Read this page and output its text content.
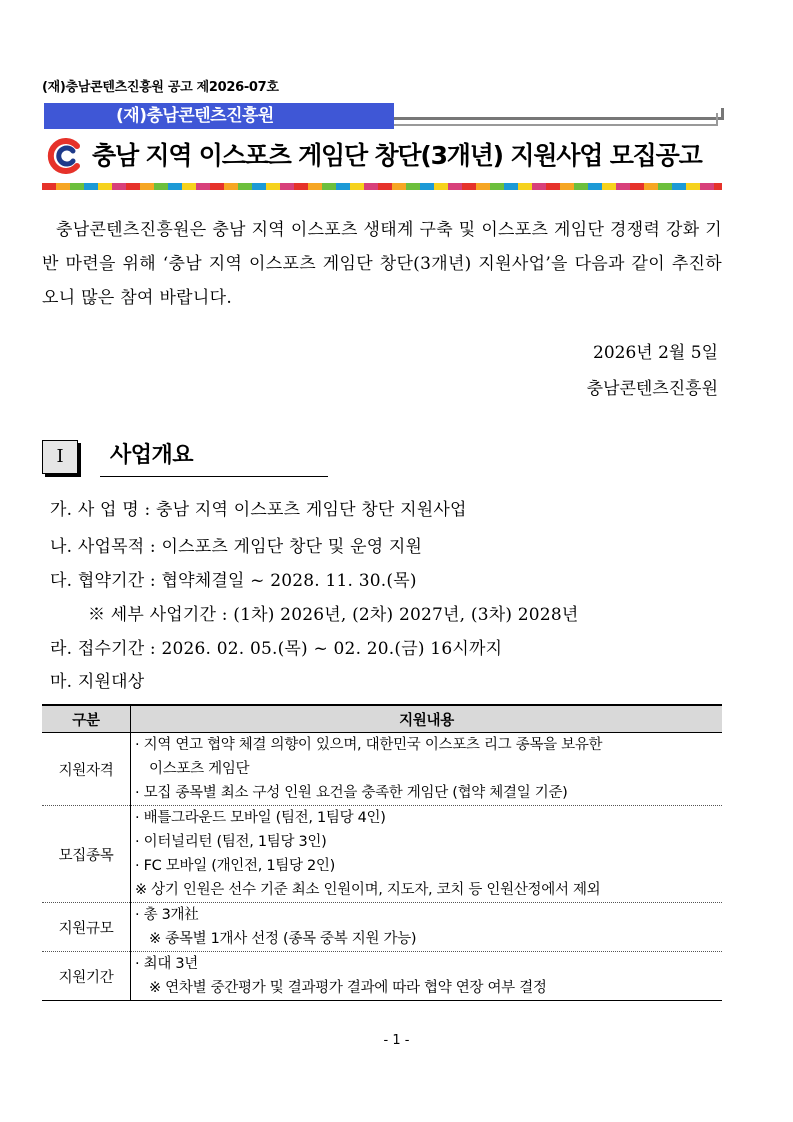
(재)충남콘텐츠진흥원 공고 제2026-07호
(재)충남콘텐츠진흥원
충남 지역 이스포츠 게임단 창단(3개년) 지원사업 모집공고
충남콘텐츠진흥원은 충남 지역 이스포츠 생태계 구축 및 이스포츠 게임단 경쟁력 강화 기반 마련을 위해 ‘충남 지역 이스포츠 게임단 창단(3개년) 지원사업’을 다음과 같이 추진하오니 많은 참여 바랍니다.
2026년 2월 5일
충남콘텐츠진흥원
Ⅰ	사업개요
가. 사 업 명 : 충남 지역 이스포츠 게임단 창단 지원사업
나. 사업목적 : 이스포츠 게임단 창단 및 운영 지원
다. 협약기간 : 협약체결일 ~ 2028. 11. 30.(목)
※ 세부 사업기간 : (1차) 2026년, (2차) 2027년, (3차) 2028년
라. 접수기간 : 2026. 02. 05.(목) ~ 02. 20.(금) 16시까지
마. 지원대상
구분	지원내용
지원자격	· 지역 연고 협약 체결 의향이 있으며, 대한민국 이스포츠 리그 종목을 보유한
이스포츠 게임단
· 모집 종목별 최소 구성 인원 요건을 충족한 게임단 (협약 체결일 기준)

모집종목	· 배틀그라운드 모바일 (팀전, 1팀당 4인)
· 이터널리턴 (팀전, 1팀당 3인)
· FC 모바일 (개인전, 1팀당 2인)
※ 상기 인원은 선수 기준 최소 인원이며, 지도자, 코치 등 인원산정에서 제외

지원규모	· 총 3개社
※ 종목별 1개사 선정 (종목 중복 지원 가능)

지원기간	· 최대 3년
※ 연차별 중간평가 및 결과평가 결과에 따라 협약 연장 여부 결정
- 1 -
